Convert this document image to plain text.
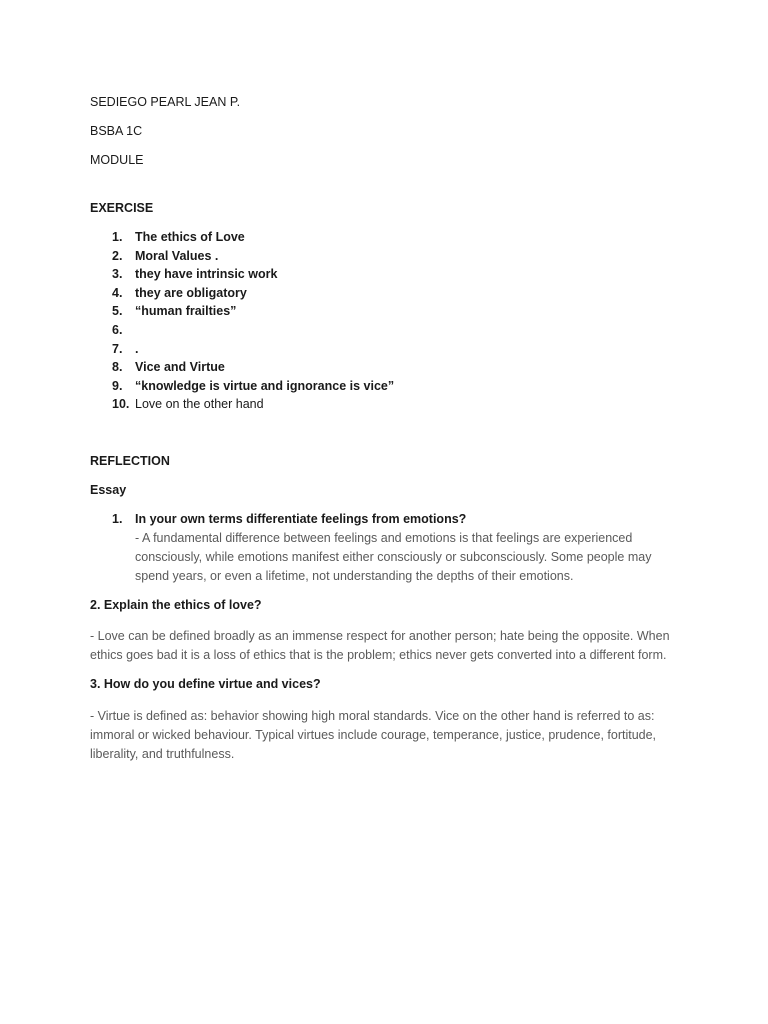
SEDIEGO PEARL JEAN P.

BSBA 1C

MODULE

EXERCISE

1.	The ethics of Love
2.	Moral Values .
3.	they have intrinsic work
4.	they are obligatory
5.	“human frailties”
6.
7.	.
8.	Vice and Virtue
9.	“knowledge is virtue and ignorance is vice”
10. Love on the other hand

REFLECTION

Essay

1. In your own terms differentiate feelings from emotions?
- A fundamental difference between feelings and emotions is that feelings are experienced consciously, while emotions manifest either consciously or subconsciously. Some people may spend years, or even a lifetime, not understanding the depths of their emotions.

2. Explain the ethics of love?

- Love can be defined broadly as an immense respect for another person; hate being the opposite. When ethics goes bad it is a loss of ethics that is the problem; ethics never gets converted into a different form.

3. How do you define virtue and vices?

- Virtue is defined as: behavior showing high moral standards. Vice on the other hand is referred to as: immoral or wicked behaviour. Typical virtues include courage, temperance, justice, prudence, fortitude, liberality, and truthfulness.
